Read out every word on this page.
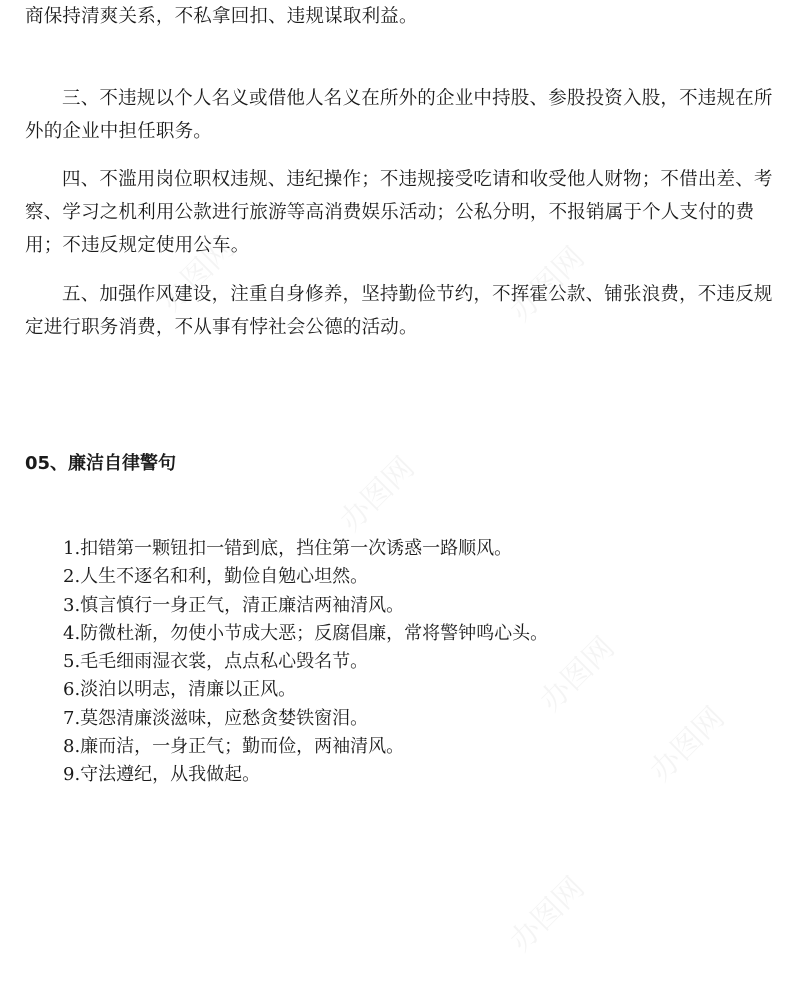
商保持清爽关系，不私拿回扣、违规谋取利益。

三、不违规以个人名义或借他人名义在所外的企业中持股、参股投资入股，不违规在所外的企业中担任职务。

四、不滥用岗位职权违规、违纪操作；不违规接受吃请和收受他人财物；不借出差、考察、学习之机利用公款进行旅游等高消费娱乐活动；公私分明，不报销属于个人支付的费用；不违反规定使用公车。

五、加强作风建设，注重自身修养，坚持勤俭节约，不挥霍公款、铺张浪费，不违反规定进行职务消费，不从事有悖社会公德的活动。

05、廉洁自律警句
1.扣错第一颗钮扣一错到底，挡住第一次诱惑一路顺风。
2.人生不逐名和利，勤俭自勉心坦然。
3.慎言慎行一身正气，清正廉洁两袖清风。
4.防微杜渐，勿使小节成大恶；反腐倡廉，常将警钟鸣心头。
5.毛毛细雨湿衣裳，点点私心毁名节。
6.淡泊以明志，清廉以正风。
7.莫怨清廉淡滋味，应愁贪婪铁窗泪。
8.廉而洁，一身正气；勤而俭，两袖清风。
9.守法遵纪，从我做起。
